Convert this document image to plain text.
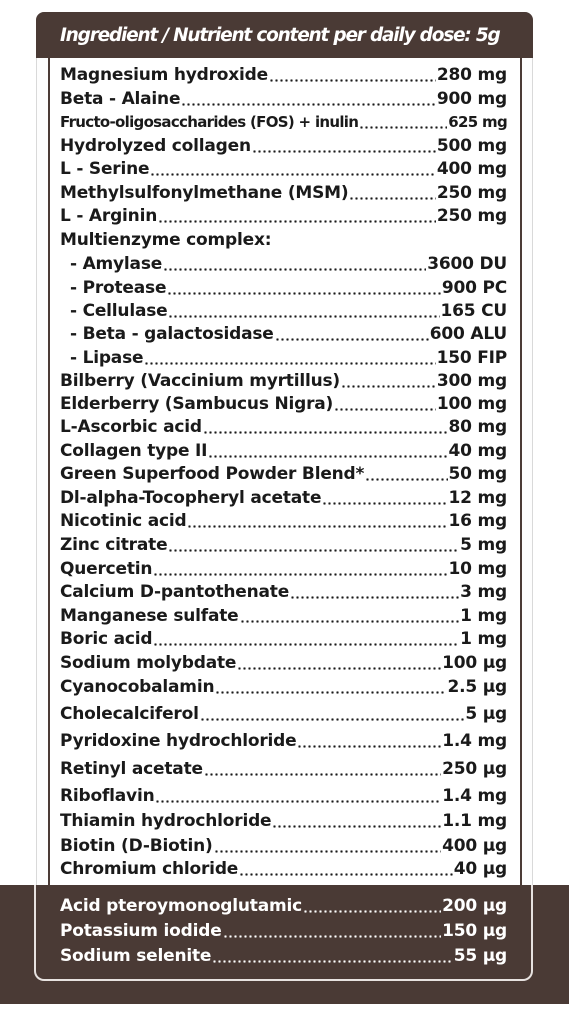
Ingredient / Nutrient content per daily dose: 5g
Magnesium hydroxide	280 mg
Beta - Alaine	900 mg
Fructo-oligosaccharides (FOS) + inulin	625 mg
Hydrolyzed collagen	500 mg
L - Serine	400 mg
Methylsulfonylmethane (MSM)	250 mg
L - Arginin	250 mg
Multienzyme complex:
- Amylase	3600 DU
- Protease	900 PC
- Cellulase	165 CU
- Beta - galactosidase	600 ALU
- Lipase	150 FIP
Bilberry (Vaccinium myrtillus)	300 mg
Elderberry (Sambucus Nigra)	100 mg
L-Ascorbic acid	80 mg
Collagen type II	40 mg
Green Superfood Powder Blend*	50 mg
Dl-alpha-Tocopheryl acetate	12 mg
Nicotinic acid	16 mg
Zinc citrate	5 mg
Quercetin	10 mg
Calcium D-pantothenate	3 mg
Manganese sulfate	1 mg
Boric acid	1 mg
Sodium molybdate	100 µg
Cyanocobalamin	2.5 µg
Cholecalciferol	5 µg
Pyridoxine hydrochloride	1.4 mg
Retinyl acetate	250 µg
Riboflavin	1.4 mg
Thiamin hydrochloride	1.1 mg
Biotin (D-Biotin)	400 µg
Chromium chloride	40 µg
Acid pteroymonoglutamic	200 µg
Potassium iodide	150 µg
Sodium selenite	55 µg
